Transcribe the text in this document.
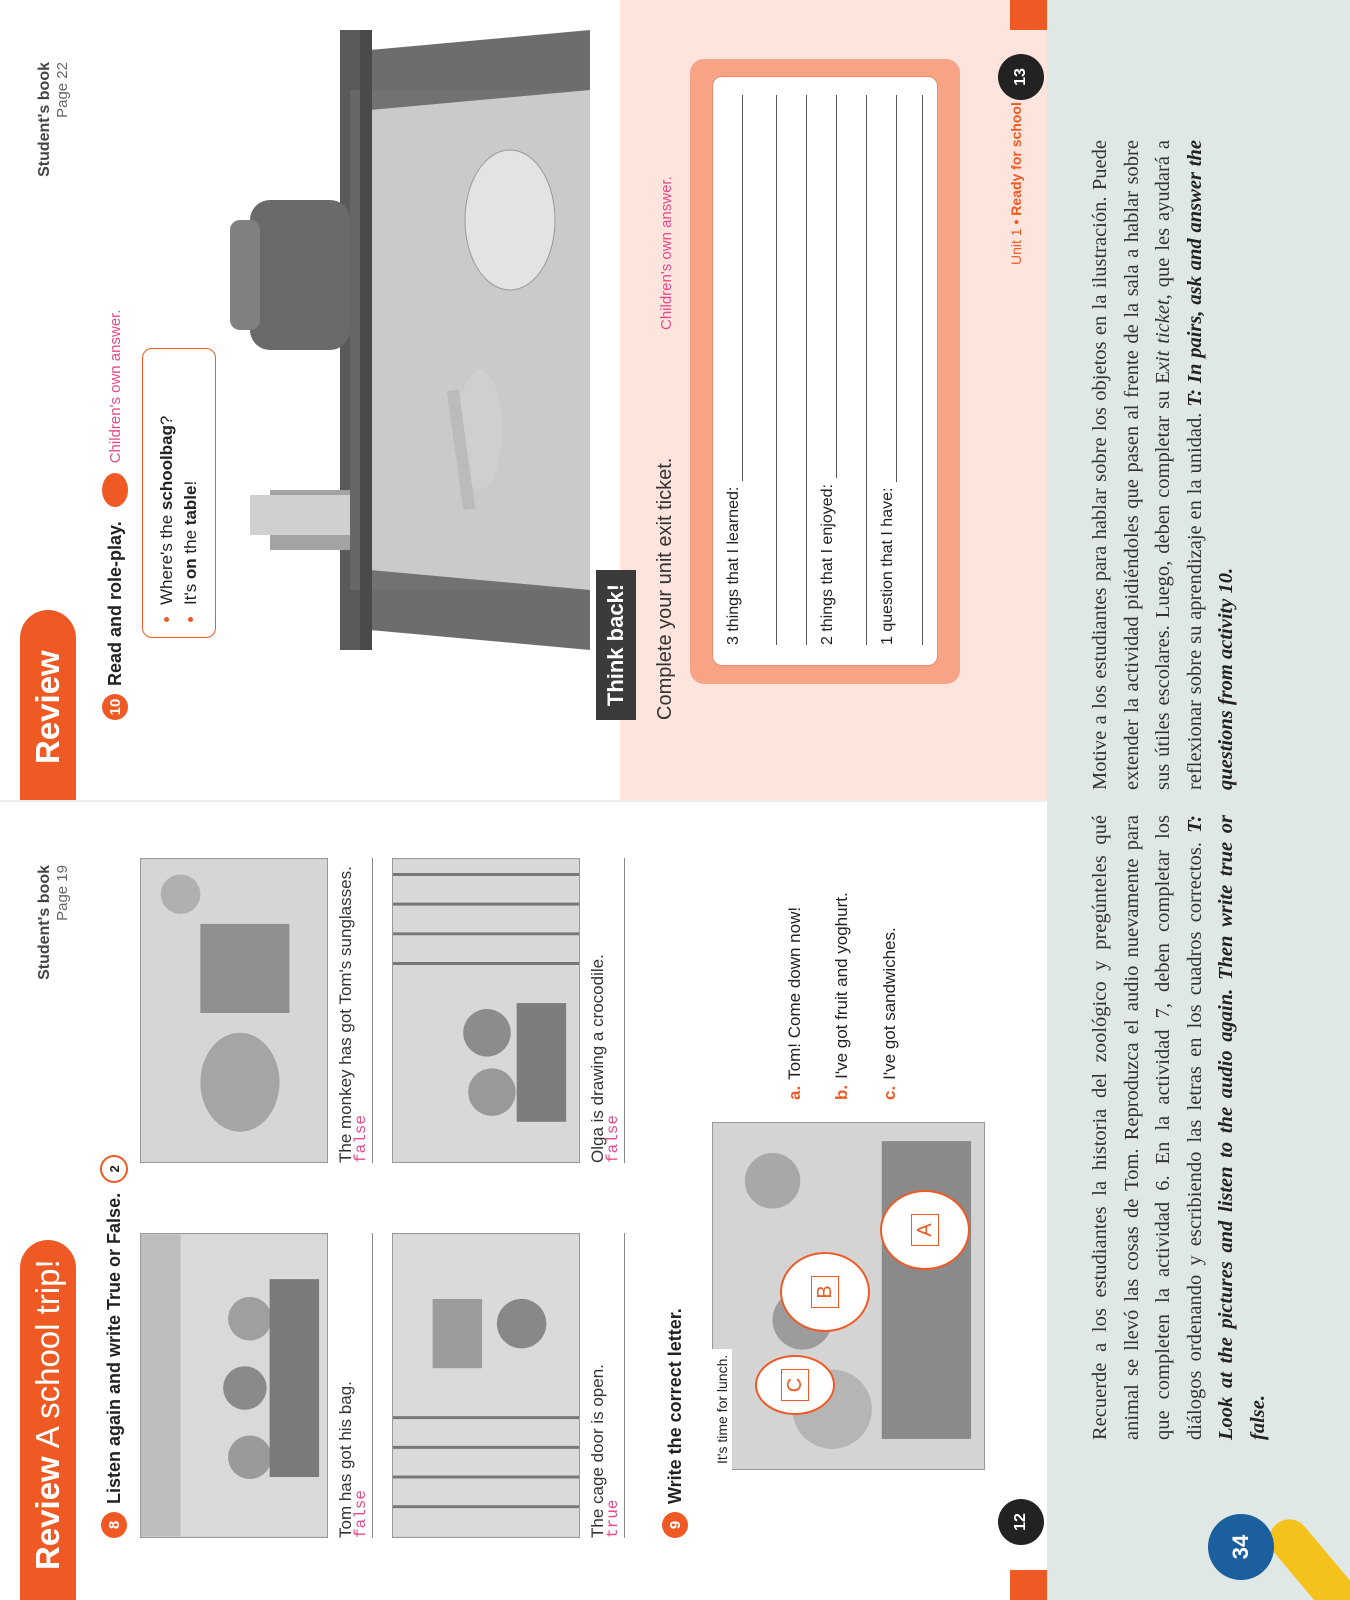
Review
A school trip!
Student's book Page 19
8
Listen again and write True or False.
2
Tom has got his bag.
false
The monkey has got Tom's sunglasses.
false
The cage door is open.
true
Olga is drawing a crocodile.
false
9
Write the correct letter. It's time for lunch.	C
B
A
a.Tom! Come down now!
b.I've got fruit and yoghurt.
c.I've got sandwiches.
12
Review
Student's book Page 22
10
Read and role-play.
Children's own answer.
• Where's the schoolbag?
• It's on the table!
Think back!	Complete your unit exit ticket.
Children's own answer.
3 things that I learned:	2 things that I enjoyed:	1 question that I have:
Unit 1 • Ready for school
13
Recuerde a los estudiantes la historia del zoológico y pregúnteles qué animal se llevó las cosas de Tom. Reproduzca el audio nuevamente para que completen la actividad 6. En la actividad 7, deben completar los diálogos ordenando y escribiendo las letras en los cuadros correctos. T: Look at the pictures and listen to the audio again. Then write true or false.
Motive a los estudiantes para hablar sobre los objetos en la ilustración. Puede extender la actividad pidiéndoles que pasen al frente de la sala a hablar sobre sus útiles escolares. Luego, deben completar su Exit ticket, que les ayudará a reflexionar sobre su aprendizaje en la unidad. T: In pairs, ask and answer the questions from activity 10.
34
